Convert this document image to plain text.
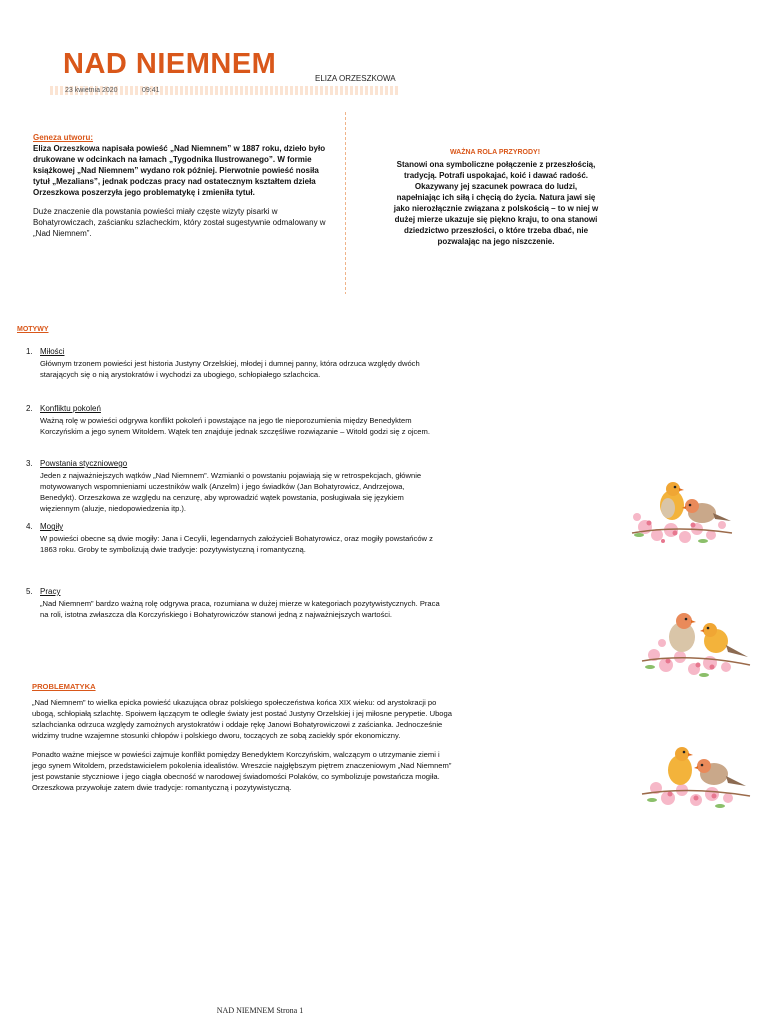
NAD NIEMNEM	ELIZA ORZESZKOWA
23 kwietnia 2020	09:41
Geneza utworu:

Eliza Orzeszkowa napisała powieść „Nad Niemnem” w 1887 roku, dzieło było drukowane w odcinkach na łamach „Tygodnika Ilustrowanego”. W formie książkowej „Nad Niemnem” wydano rok później. Pierwotnie powieść nosiła tytuł „Mezalians”, jednak podczas pracy nad ostatecznym kształtem dzieła Orzeszkowa poszerzyła jego problematykę i zmieniła tytuł.

Duże znaczenie dla powstania powieści miały częste wizyty pisarki w Bohatyrowiczach, zaścianku szlacheckim, który został sugestywnie odmalowany w „Nad Niemnem”.

WAŻNA ROLA PRZYRODY!
Stanowi ona symboliczne połączenie z przeszłością, tradycją. Potrafi uspokajać, koić i dawać radość. Okazywany jej szacunek powraca do ludzi, napełniając ich siłą i chęcią do życia. Natura jawi się jako nierozłącznie związana z polskością – to w niej w dużej mierze ukazuje się piękno kraju, to ona stanowi dziedzictwo przeszłości, o które trzeba dbać, nie pozwalając na jego niszczenie.
MOTYWY
1. Miłości
Głównym trzonem powieści jest historia Justyny Orzelskiej, młodej i dumnej panny, która odrzuca względy dwóch starających się o nią arystokratów i wychodzi za ubogiego, schłopiałego szlachcica.
2. Konfliktu pokoleń
Ważną rolę w powieści odgrywa konflikt pokoleń i powstające na jego tle nieporozumienia między Benedyktem Korczyńskim a jego synem Witoldem. Wątek ten znajduje jednak szczęśliwe rozwiązanie – Witold godzi się z ojcem.
3. Powstania styczniowego
Jeden z najważniejszych wątków „Nad Niemnem”. Wzmianki o powstaniu pojawiają się w retrospekcjach, głównie motywowanych wspomnieniami uczestników walk (Anzelm) i jego świadków (Jan Bohatyrowicz, Andrzejowa, Benedykt). Orzeszkowa ze względu na cenzurę, aby wprowadzić wątek powstania, posługiwała się językiem więziennym (aluzje, niedopowiedzenia itp.).
4. Mogiły
W powieści obecne są dwie mogiły: Jana i Cecylii, legendarnych założycieli Bohatyrowicz, oraz mogiły powstańców z 1863 roku. Groby te symbolizują dwie tradycje: pozytywistyczną i romantyczną.
5. Pracy
„Nad Niemnem” bardzo ważną rolę odgrywa praca, rozumiana w dużej mierze w kategoriach pozytywistycznych. Praca na roli, istotna zwłaszcza dla Korczyńskiego i Bohatyrowiczów stanowi jedną z najważniejszych wartości.
PROBLEMATYKA

„Nad Niemnem” to wielka epicka powieść ukazująca obraz polskiego społeczeństwa końca XIX wieku: od arystokracji po ubogą, schłopiałą szlachtę. Spoiwem łączącym te odległe światy jest postać Justyny Orzelskiej i jej miłosne perypetie. Uboga szlachcianka odrzuca względy zamożnych arystokratów i oddaje rękę Janowi Bohatyrowiczowi z zaścianka. Jednocześnie widzimy trudne wzajemne stosunki chłopów i polskiego dworu, toczących ze sobą zaciekły spór ekonomiczny.

Ponadto ważne miejsce w powieści zajmuje konflikt pomiędzy Benedyktem Korczyńskim, walczącym o utrzymanie ziemi i jego synem Witoldem, przedstawicielem pokolenia idealistów. Wreszcie najgłębszym piętrem znaczeniowym „Nad Niemnem” jest powstanie styczniowe i jego ciągła obecność w narodowej świadomości Polaków, co symbolizuje powstańcza mogiła. Orzeszkowa przywołuje zatem dwie tradycje: romantyczną i pozytywistyczną.

NAD NIEMNEM Strona 1
